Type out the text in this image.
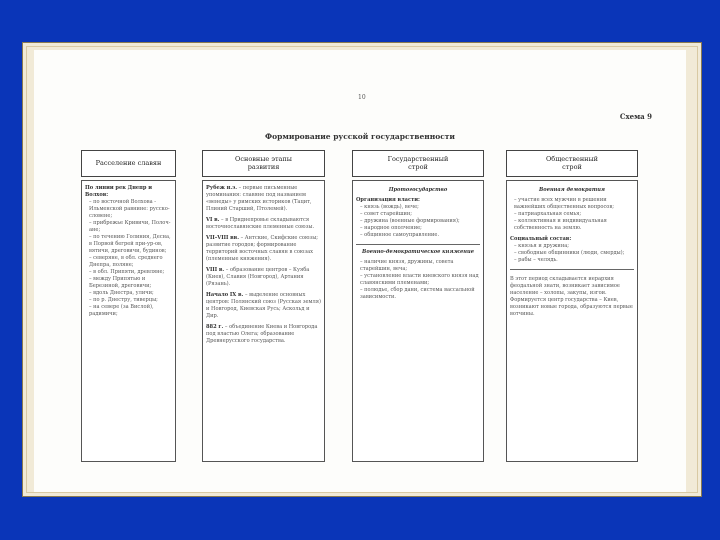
10
Схема 9
Формирование русской государственности
Расселение славян

По линии рек Днепр и Волхов:

– по восточнoй Волхова - Ильменской равнине: русско-словене;

– прибрежье Кривичи, Полоч-ане;

– по течению Голиния, Десна, в Порвой бегрей при-ур-ов, вятичи, дреговичи, будинов;

– северяне, в обл. среднего Днепра, поляне;

– в обл. Припяти, древляне;

– между Припятью и Березиной, дреговичи;

– вдоль Днестра, уличи;

– по р. Днестру, тиверцы;

– на севере (за Вислой), радимичи;

Основные этапы развития

Рубеж н.э. – первые письменные упоминания: славяне под названием «венеды» у римских историков (Тацит, Плиний Старший, Птолемей).

VI в. – в Приднепровье складываются восточнославянские племенные союзы.

VII–VIII вв. – Антские, Скифские союзы; развитие городов; формирование территорий восточных славян в союзах (племенные княжения).

VIII в. – образование центров – Куяба (Киев), Славия (Новгород), Артания (Рязань).

Начало IX в. – выделение основных центров: Полянский союз (Русская земля) и Новгород, Киевская Русь; Аскольд и Дир.

882 г. – объединение Киева и Новгорода под властью Олега; образование Древнерусского государства.

Государственный строй

Протогосударство

Организация власти:

– князь (вождь), вече;

– совет старейшин;

– дружина (военные формирования);

– народное ополчение;

– общинное самоуправление.

Военно-демократическое княжение

– наличие князя, дружины, совета старейшин, веча;

– установление власти киевского князя над славянскими племенами;

– полюдье, сбор дани, система вассальной зависимости.

Общественный строй

Военная демократия

– участие всех мужчин в решении важнейших общественных вопросов;

– патриархальная семья;

– коллективная и индивидуальная собственность на землю.

Социальный состав:

– князья и дружина;

– свободные общинники (люди, смерды);

– рабы – челядь.

В этот период складывается иерархия феодальной знати, возникает зависимое население – холопы, закупы, изгои. Формируется центр государства – Киев, возникают новые города, образуются первые вотчины.
